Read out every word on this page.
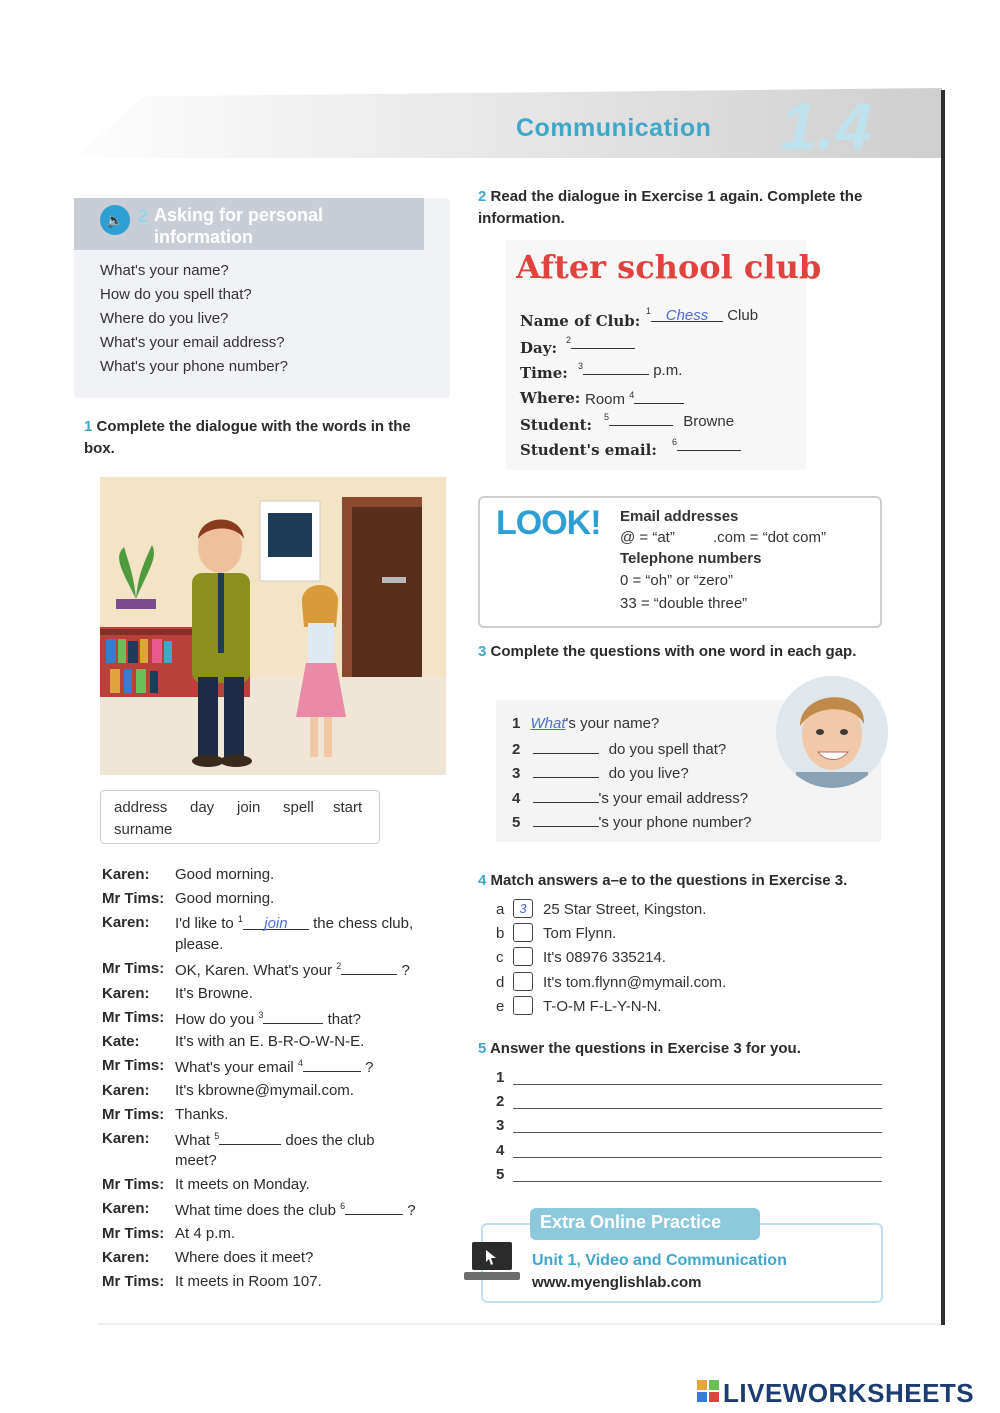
Communication 1.4
🔈 2 Asking for personal information
What's your name?
How do you spell that?
Where do you live?
What's your email address?
What's your phone number?
1 Complete the dialogue with the words in the box.
address day join spell start
surname
Karen: Good morning.
Mr Tims: Good morning.
Karen: I'd like to $^1$ join the chess club,
please.
Mr Tims: OK, Karen. What's your $^2$	?
Karen: It's Browne.
Mr Tims: How do you $^3$	that?
Kate: It's with an E. B-R-O-W-N-E.
Mr Tims: What's your email $^4$	?
Karen: It's kbrowne@mymail.com.
Mr Tims: Thanks.
Karen: What $^5$	does the club
meet?
Mr Tims: It meets on Monday.
Karen: What time does the club $^6$	?
Mr Tims: At 4 p.m.
Karen: Where does it meet?
Mr Tims: It meets in Room 107.
2 Read the dialogue in Exercise 1 again. Complete the information.
After school club
Name of Club:
$^1$ Chess Club
Day: $^2$
Time: $^3$	p.m.
Where: Room $^4$
Student: $^5$	Browne
Student's email: $^6$
LOOK! Email addresses
@ = “at”	.com = “dot com”
Telephone numbers
0 = “oh” or “zero”
33 = “double three”
3 Complete the questions with one word in each gap.
1 What's your name?
2	do you spell that?
3	do you live?
4	's your email address?
5	's your phone number?
4 Match answers a–e to the questions in Exercise 3.
a	3	25 Star Street, Kingston.
b	Tom Flynn.
c	It's 08976 335214.
d	It's tom.flynn@mymail.com.
e	T-O-M F-L-Y-N-N.
5 Answer the questions in Exercise 3 for you.
1
2
3
4
5
Extra Online Practice
Unit 1, Video and Communication
www.myenglishlab.com
LIVEWORKSHEETS
